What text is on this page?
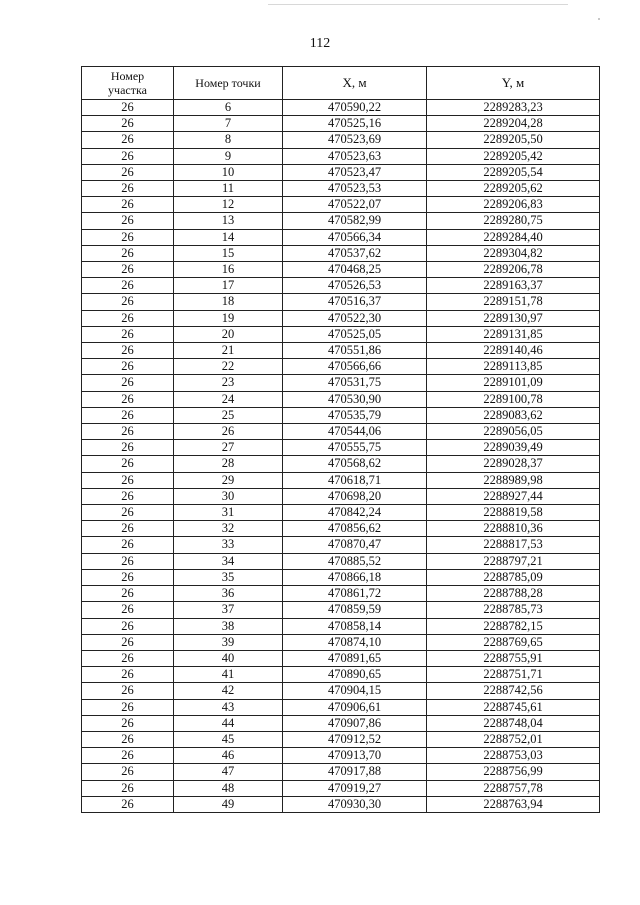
112
Номер участка	Номер точки	X, м	Y, м
26	6	470590,22	2289283,23
26	7	470525,16	2289204,28
26	8	470523,69	2289205,50
26	9	470523,63	2289205,42
26	10	470523,47	2289205,54
26	11	470523,53	2289205,62
26	12	470522,07	2289206,83
26	13	470582,99	2289280,75
26	14	470566,34	2289284,40
26	15	470537,62	2289304,82
26	16	470468,25	2289206,78
26	17	470526,53	2289163,37
26	18	470516,37	2289151,78
26	19	470522,30	2289130,97
26	20	470525,05	2289131,85
26	21	470551,86	2289140,46
26	22	470566,66	2289113,85
26	23	470531,75	2289101,09
26	24	470530,90	2289100,78
26	25	470535,79	2289083,62
26	26	470544,06	2289056,05
26	27	470555,75	2289039,49
26	28	470568,62	2289028,37
26	29	470618,71	2288989,98
26	30	470698,20	2288927,44
26	31	470842,24	2288819,58
26	32	470856,62	2288810,36
26	33	470870,47	2288817,53
26	34	470885,52	2288797,21
26	35	470866,18	2288785,09
26	36	470861,72	2288788,28
26	37	470859,59	2288785,73
26	38	470858,14	2288782,15
26	39	470874,10	2288769,65
26	40	470891,65	2288755,91
26	41	470890,65	2288751,71
26	42	470904,15	2288742,56
26	43	470906,61	2288745,61
26	44	470907,86	2288748,04
26	45	470912,52	2288752,01
26	46	470913,70	2288753,03
26	47	470917,88	2288756,99
26	48	470919,27	2288757,78
26	49	470930,30	2288763,94
